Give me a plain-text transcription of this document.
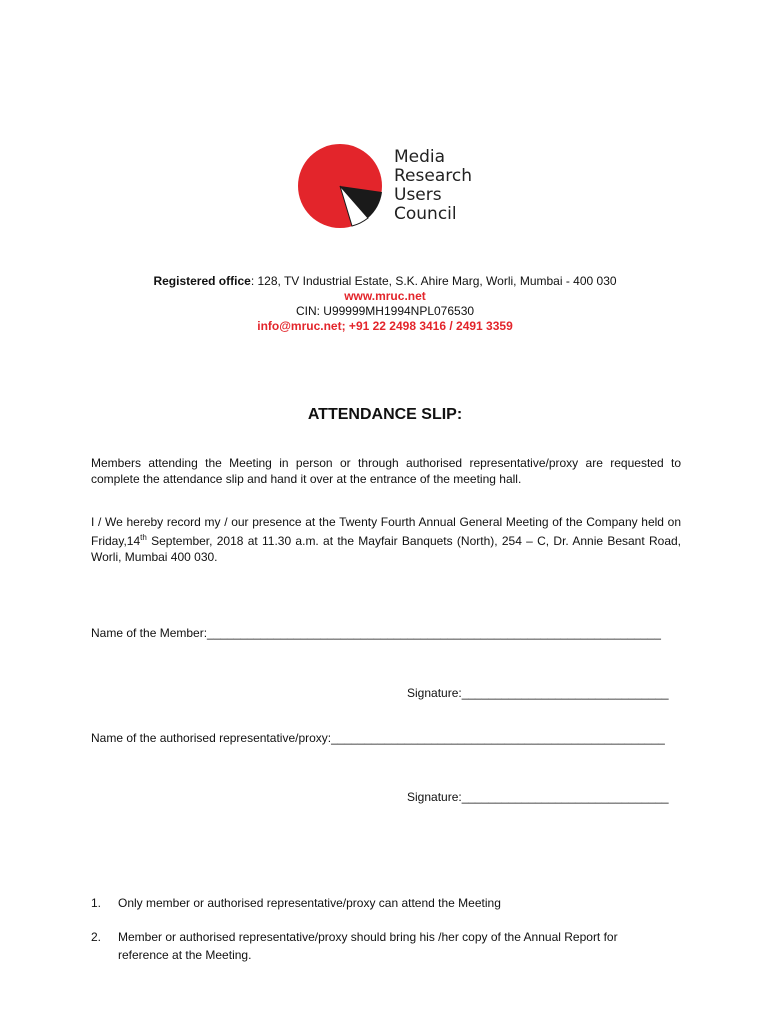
Media
Research
Users
Council
Registered office: 128, TV Industrial Estate, S.K. Ahire Marg, Worli, Mumbai - 400 030
www.mruc.net
CIN: U99999MH1994NPL076530
info@mruc.net; +91 22 2498 3416 / 2491 3359
ATTENDANCE SLIP:
Members attending the Meeting in person or through authorised representative/proxy are requested to complete the attendance slip and hand it over at the entrance of the meeting hall.
I / We hereby record my / our presence at the Twenty Fourth Annual General Meeting of the Company held on Friday,14th September, 2018 at 11.30 a.m. at the Mayfair Banquets (North), 254 – C, Dr. Annie Besant Road, Worli, Mumbai 400 030.
Name of the Member:____________________________________________________________________
Signature:_______________________________
Name of the authorised representative/proxy:__________________________________________________
Signature:_______________________________
1. Only member or authorised representative/proxy can attend the Meeting
2. Member or authorised representative/proxy should bring his /her copy of the Annual Report for reference at the Meeting.
